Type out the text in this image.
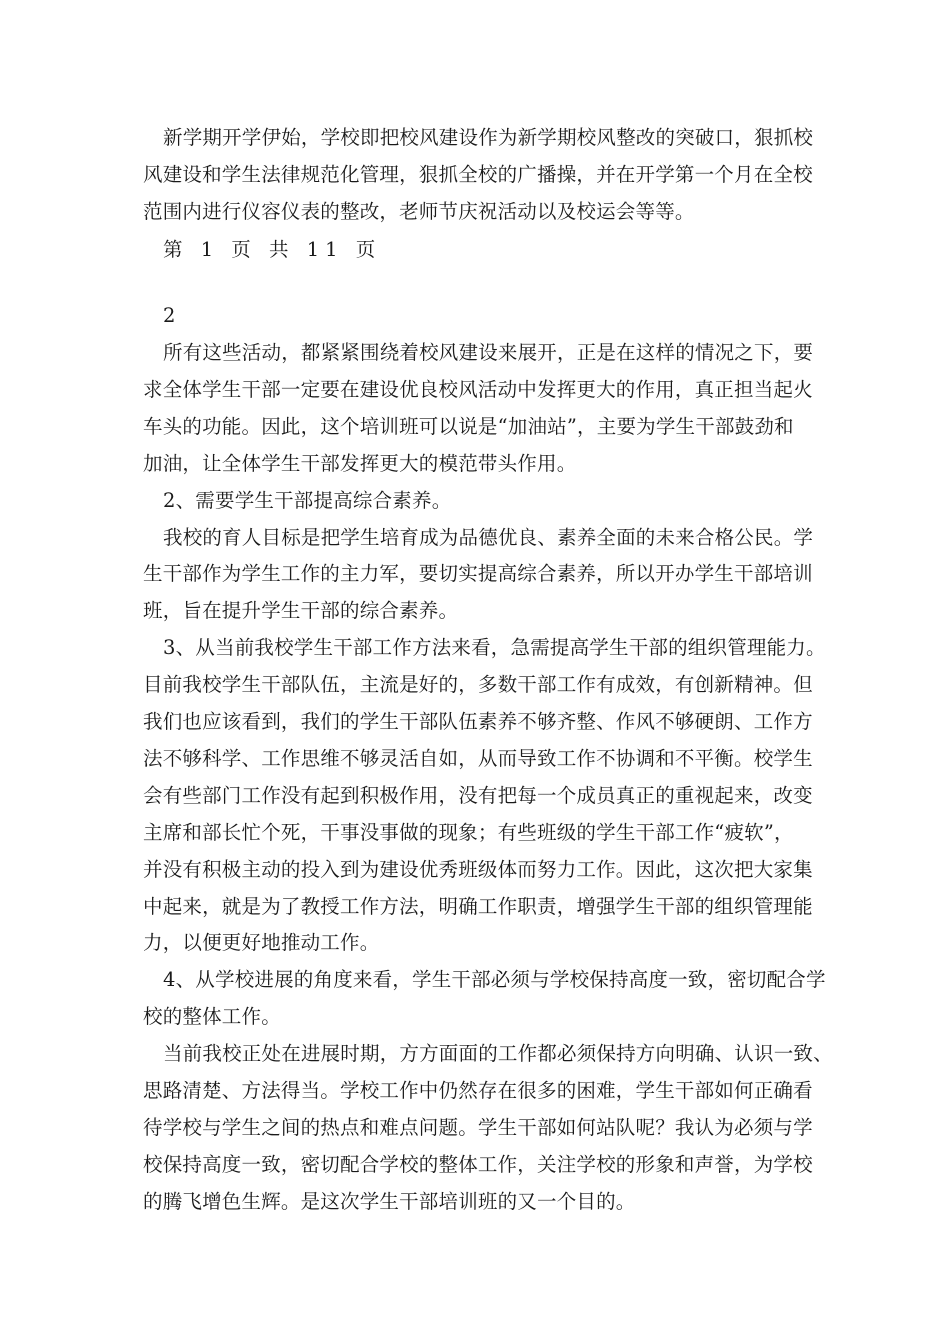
新学期开学伊始，学校即把校风建设作为新学期校风整改的突破口，狠抓校
风建设和学生法律规范化管理，狠抓全校的广播操，并在开学第一个月在全校
范围内进行仪容仪表的整改，老师节庆祝活动以及校运会等等。
第 1 页 共 11 页
2
所有这些活动，都紧紧围绕着校风建设来展开，正是在这样的情况之下，要
求全体学生干部一定要在建设优良校风活动中发挥更大的作用，真正担当起火
车头的功能。因此，这个培训班可以说是“加油站”，主要为学生干部鼓劲和
加油，让全体学生干部发挥更大的模范带头作用。
2、需要学生干部提高综合素养。
我校的育人目标是把学生培育成为品德优良、素养全面的未来合格公民。学
生干部作为学生工作的主力军，要切实提高综合素养，所以开办学生干部培训
班，旨在提升学生干部的综合素养。
3、从当前我校学生干部工作方法来看，急需提高学生干部的组织管理能力。
目前我校学生干部队伍，主流是好的，多数干部工作有成效，有创新精神。但
我们也应该看到，我们的学生干部队伍素养不够齐整、作风不够硬朗、工作方
法不够科学、工作思维不够灵活自如，从而导致工作不协调和不平衡。校学生
会有些部门工作没有起到积极作用，没有把每一个成员真正的重视起来，改变
主席和部长忙个死，干事没事做的现象；有些班级的学生干部工作“疲软”，
并没有积极主动的投入到为建设优秀班级体而努力工作。因此，这次把大家集
中起来，就是为了教授工作方法，明确工作职责，增强学生干部的组织管理能
力，以便更好地推动工作。
4、从学校进展的角度来看，学生干部必须与学校保持高度一致，密切配合学
校的整体工作。
当前我校正处在进展时期，方方面面的工作都必须保持方向明确、认识一致、
思路清楚、方法得当。学校工作中仍然存在很多的困难，学生干部如何正确看
待学校与学生之间的热点和难点问题。学生干部如何站队呢？我认为必须与学
校保持高度一致，密切配合学校的整体工作，关注学校的形象和声誉，为学校
的腾飞增色生辉。是这次学生干部培训班的又一个目的。
